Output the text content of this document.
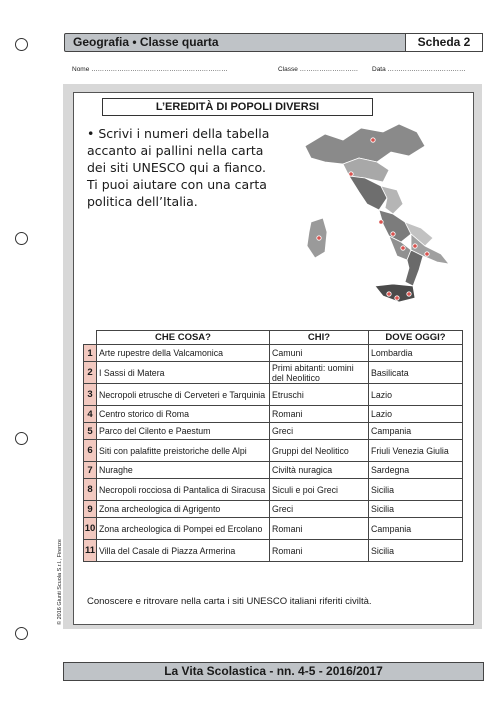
Geografia • Classe quarta	Scheda 2
Nome ………………………………………………………	Classe ……………………… Data ………………………………
L’EREDITÀ DI POPOLI DIVERSI
• Scrivi i numeri della tabella accanto ai pallini nella carta dei siti UNESCO qui a fianco. Ti puoi aiutare con una carta politica dell’Italia.
	CHE COSA?	CHI?	DOVE OGGI?
1	Arte rupestre della Valcamonica	Camuni	Lombardia
2	I Sassi di Matera	Primi abitanti: uomini del Neolitico	Basilicata
3	Necropoli etrusche di Cerveteri e Tarquinia	Etruschi	Lazio
4	Centro storico di Roma	Romani	Lazio
5	Parco del Cilento e Paestum	Greci	Campania
6	Siti con palafitte preistoriche delle Alpi	Gruppi del Neolitico	Friuli Venezia Giulia
7	Nuraghe	Civiltà nuragica	Sardegna
8	Necropoli rocciosa di Pantalica di Siracusa	Siculi e poi Greci	Sicilia
9	Zona archeologica di Agrigento	Greci	Sicilia
10	Zona archeologica di Pompei ed Ercolano	Romani	Campania
11	Villa del Casale di Piazza Armerina	Romani	Sicilia
Conoscere e ritrovare nella carta i siti UNESCO italiani riferiti civiltà.
© 2016 Giunti Scuola S.r.l., Firenze
La Vita Scolastica - nn. 4-5 - 2016/2017
